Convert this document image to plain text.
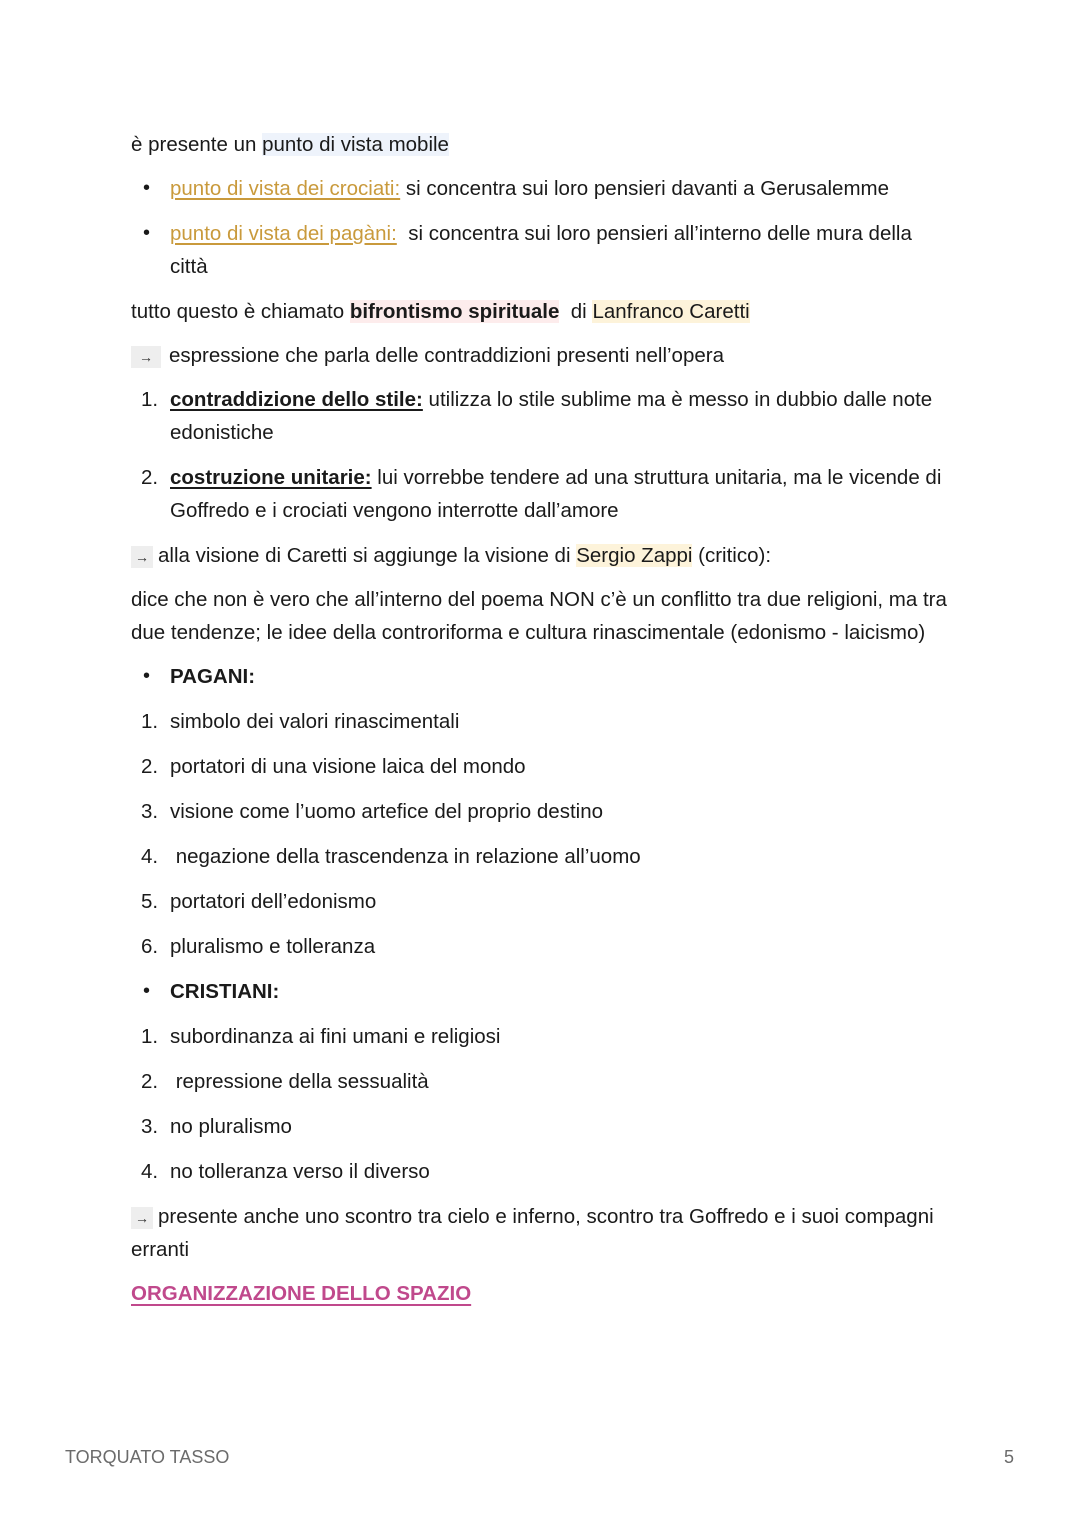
è presente un punto di vista mobile

• punto di vista dei crociati: si concentra sui loro pensieri davanti a Gerusalemme
• punto di vista dei pagàni:  si concentra sui loro pensieri all’interno delle mura della città

tutto questo è chiamato bifrontismo spirituale  di Lanfranco Caretti

→ espressione che parla delle contraddizioni presenti nell’opera

1. contraddizione dello stile: utilizza lo stile sublime ma è messo in dubbio dalle note edonistiche
2. costruzione unitarie: lui vorrebbe tendere ad una struttura unitaria, ma le vicende di Goffredo e i crociati vengono interrotte dall’amore

→ alla visione di Caretti si aggiunge la visione di Sergio Zappi (critico):

dice che non è vero che all’interno del poema NON c’è un conflitto tra due religioni, ma tra due tendenze; le idee della controriforma e cultura rinascimentale (edonismo - laicismo)

• PAGANI:
1. simbolo dei valori rinascimentali
2. portatori di una visione laica del mondo
3. visione come l’uomo artefice del proprio destino
4. negazione della trascendenza in relazione all’uomo
5. portatori dell’edonismo
6. pluralismo e tolleranza
• CRISTIANI:
1. subordinanza ai fini umani e religiosi
2. repressione della sessualità
3. no pluralismo
4. no tolleranza verso il diverso

→ presente anche uno scontro tra cielo e inferno, scontro tra Goffredo e i suoi compagni erranti

ORGANIZZAZIONE DELLO SPAZIO

TORQUATO TASSO	5
